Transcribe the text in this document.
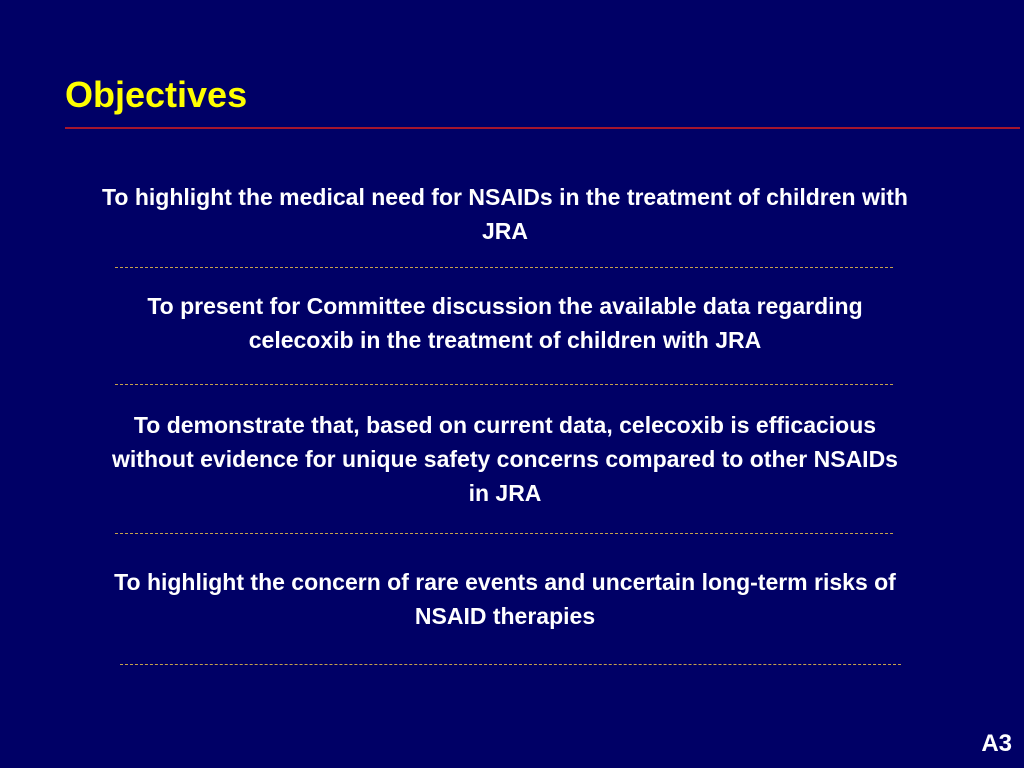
Objectives

To highlight the medical need for NSAIDs in the treatment of children with JRA

To present for Committee discussion the available data regarding celecoxib in the treatment of children with JRA

To demonstrate that, based on current data, celecoxib is efficacious without evidence for unique safety concerns compared to other NSAIDs in JRA

To highlight the concern of rare events and uncertain long-term risks of NSAID therapies

A3
